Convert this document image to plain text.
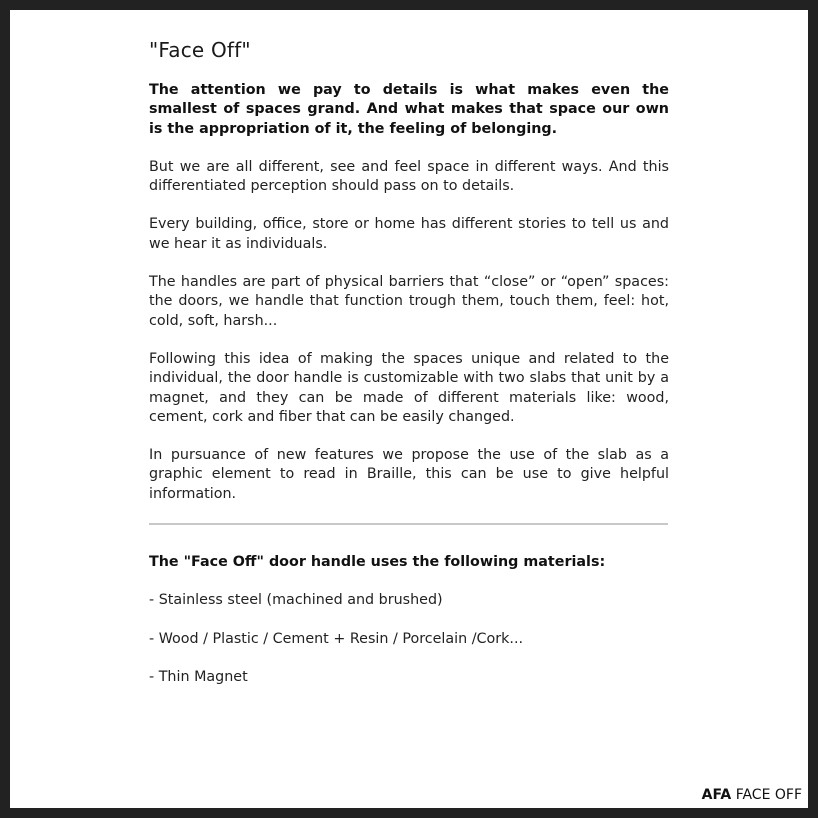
"Face Off"

The attention we pay to details is what makes even the smallest of spaces grand. And what makes that space our own is the appropriation of it, the feeling of belonging.

But we are all different, see and feel space in different ways. And this differentiated perception should pass on to details.

Every building, office, store or home has different stories to tell us and we hear it as individuals.

The handles are part of physical barriers that “close” or “open” spaces: the doors, we handle that function trough them, touch them, feel: hot, cold, soft, harsh...

Following this idea of making the spaces unique and related to the individual, the door handle is customizable with two slabs that unit by a magnet, and they can be made of different materials like: wood, cement, cork and fiber that can be easily changed.

In pursuance of new features we propose the use of the slab as a graphic element to read in Braille, this can be use to give helpful information.

The "Face Off" door handle uses the following materials:
- Stainless steel (machined and brushed)
- Wood / Plastic / Cement + Resin / Porcelain /Cork...
- Thin Magnet
AFA FACE OFF
